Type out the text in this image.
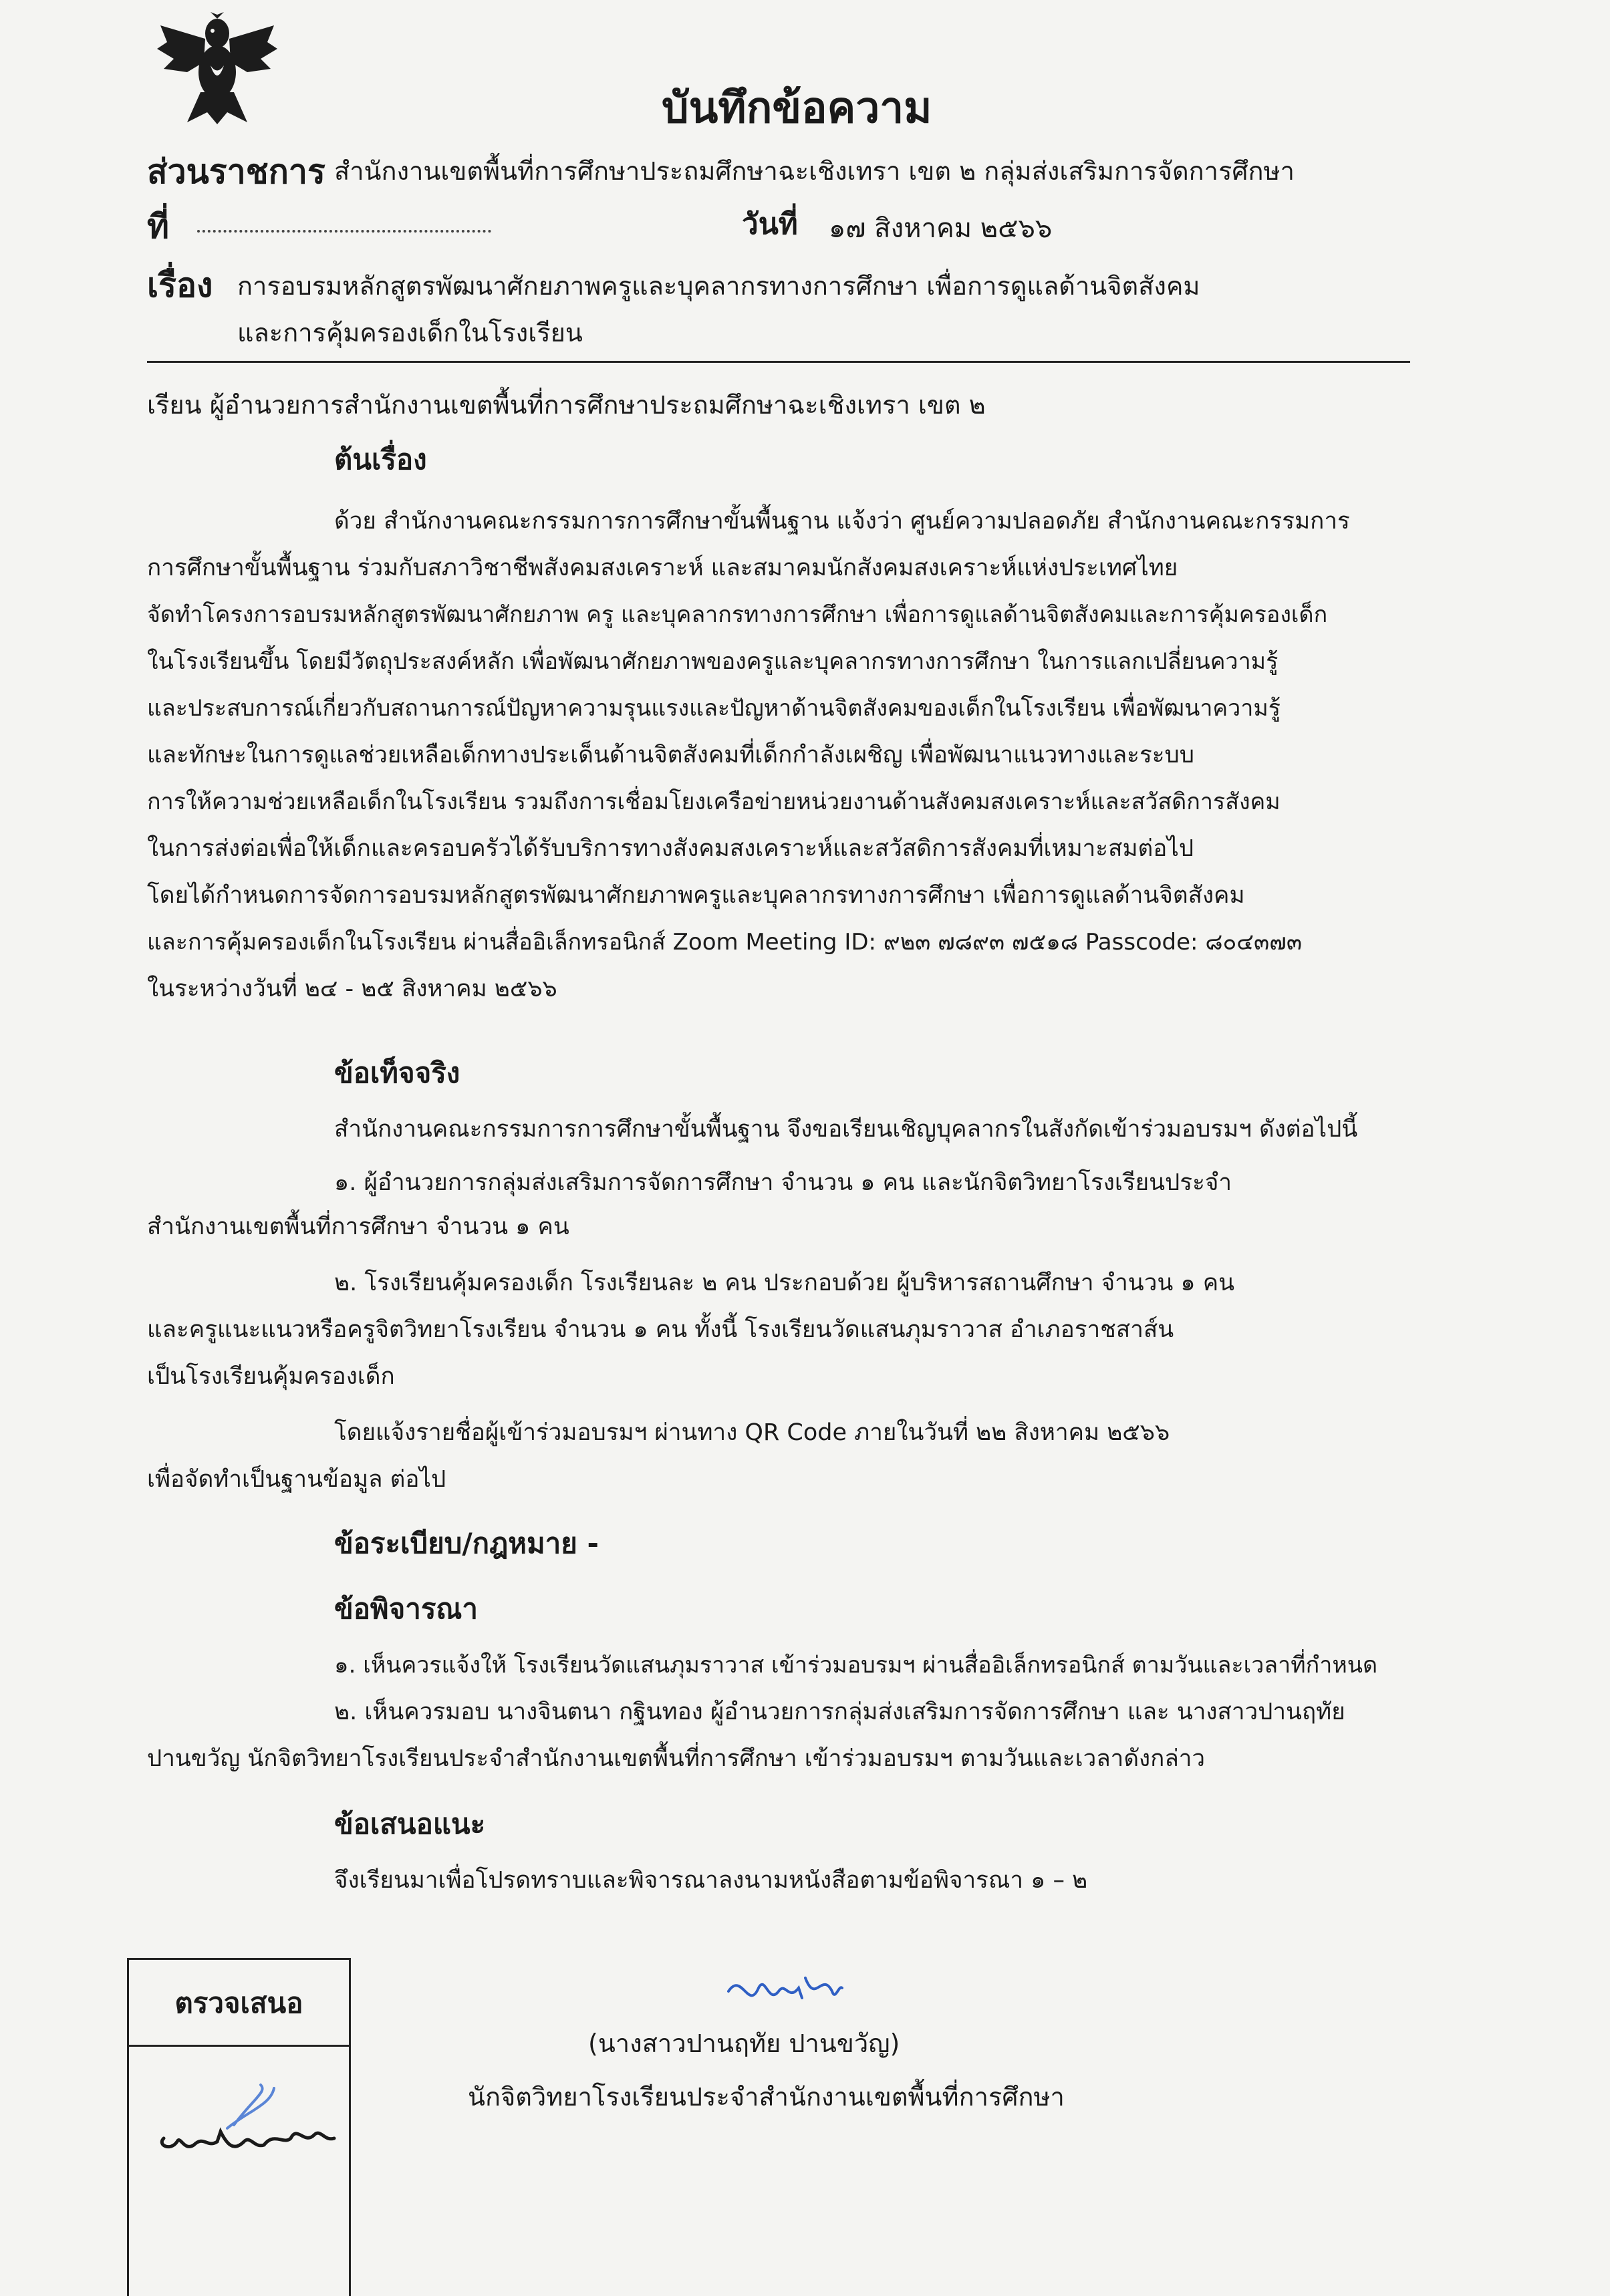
บันทึกข้อความ
ส่วนราชการ สำนักงานเขตพื้นที่การศึกษาประถมศึกษาฉะเชิงเทรา เขต ๒ กลุ่มส่งเสริมการจัดการศึกษา
ที่	วันที่ ๑๗ สิงหาคม ๒๕๖๖
เรื่อง การอบรมหลักสูตรพัฒนาศักยภาพครูและบุคลากรทางการศึกษา เพื่อการดูแลด้านจิตสังคม
และการคุ้มครองเด็กในโรงเรียน
เรียน ผู้อำนวยการสำนักงานเขตพื้นที่การศึกษาประถมศึกษาฉะเชิงเทรา เขต ๒
ต้นเรื่อง
ด้วย สำนักงานคณะกรรมการการศึกษาขั้นพื้นฐาน แจ้งว่า ศูนย์ความปลอดภัย สำนักงานคณะกรรมการ
การศึกษาขั้นพื้นฐาน ร่วมกับสภาวิชาชีพสังคมสงเคราะห์ และสมาคมนักสังคมสงเคราะห์แห่งประเทศไทย
จัดทำโครงการอบรมหลักสูตรพัฒนาศักยภาพ ครู และบุคลากรทางการศึกษา เพื่อการดูแลด้านจิตสังคมและการคุ้มครองเด็ก
ในโรงเรียนขึ้น โดยมีวัตถุประสงค์หลัก เพื่อพัฒนาศักยภาพของครูและบุคลากรทางการศึกษา ในการแลกเปลี่ยนความรู้
และประสบการณ์เกี่ยวกับสถานการณ์ปัญหาความรุนแรงและปัญหาด้านจิตสังคมของเด็กในโรงเรียน เพื่อพัฒนาความรู้
และทักษะในการดูแลช่วยเหลือเด็กทางประเด็นด้านจิตสังคมที่เด็กกำลังเผชิญ เพื่อพัฒนาแนวทางและระบบ
การให้ความช่วยเหลือเด็กในโรงเรียน รวมถึงการเชื่อมโยงเครือข่ายหน่วยงานด้านสังคมสงเคราะห์และสวัสดิการสังคม
ในการส่งต่อเพื่อให้เด็กและครอบครัวได้รับบริการทางสังคมสงเคราะห์และสวัสดิการสังคมที่เหมาะสมต่อไป
โดยได้กำหนดการจัดการอบรมหลักสูตรพัฒนาศักยภาพครูและบุคลากรทางการศึกษา เพื่อการดูแลด้านจิตสังคม
และการคุ้มครองเด็กในโรงเรียน ผ่านสื่ออิเล็กทรอนิกส์ Zoom Meeting ID: ๙๒๓ ๗๘๙๓ ๗๕๑๘ Passcode: ๘๐๔๓๗๓
ในระหว่างวันที่ ๒๔ - ๒๕ สิงหาคม ๒๕๖๖
ข้อเท็จจริง
สำนักงานคณะกรรมการการศึกษาขั้นพื้นฐาน จึงขอเรียนเชิญบุคลากรในสังกัดเข้าร่วมอบรมฯ ดังต่อไปนี้
๑. ผู้อำนวยการกลุ่มส่งเสริมการจัดการศึกษา จำนวน ๑ คน และนักจิตวิทยาโรงเรียนประจำ
สำนักงานเขตพื้นที่การศึกษา จำนวน ๑ คน
๒. โรงเรียนคุ้มครองเด็ก โรงเรียนละ ๒ คน ประกอบด้วย ผู้บริหารสถานศึกษา จำนวน ๑ คน
และครูแนะแนวหรือครูจิตวิทยาโรงเรียน จำนวน ๑ คน ทั้งนี้ โรงเรียนวัดแสนภุมราวาส อำเภอราชสาส์น
เป็นโรงเรียนคุ้มครองเด็ก
โดยแจ้งรายชื่อผู้เข้าร่วมอบรมฯ ผ่านทาง QR Code ภายในวันที่ ๒๒ สิงหาคม ๒๕๖๖
เพื่อจัดทำเป็นฐานข้อมูล ต่อไป
ข้อระเบียบ/กฎหมาย -
ข้อพิจารณา
๑. เห็นควรแจ้งให้ โรงเรียนวัดแสนภุมราวาส เข้าร่วมอบรมฯ ผ่านสื่ออิเล็กทรอนิกส์ ตามวันและเวลาที่กำหนด
๒. เห็นควรมอบ นางจินตนา กฐินทอง ผู้อำนวยการกลุ่มส่งเสริมการจัดการศึกษา และ นางสาวปานฤทัย
ปานขวัญ นักจิตวิทยาโรงเรียนประจำสำนักงานเขตพื้นที่การศึกษา เข้าร่วมอบรมฯ ตามวันและเวลาดังกล่าว
ข้อเสนอแนะ
จึงเรียนมาเพื่อโปรดทราบและพิจารณาลงนามหนังสือตามข้อพิจารณา ๑ – ๒
(นางสาวปานฤทัย ปานขวัญ)
นักจิตวิทยาโรงเรียนประจำสำนักงานเขตพื้นที่การศึกษา
ตรวจเสนอ
